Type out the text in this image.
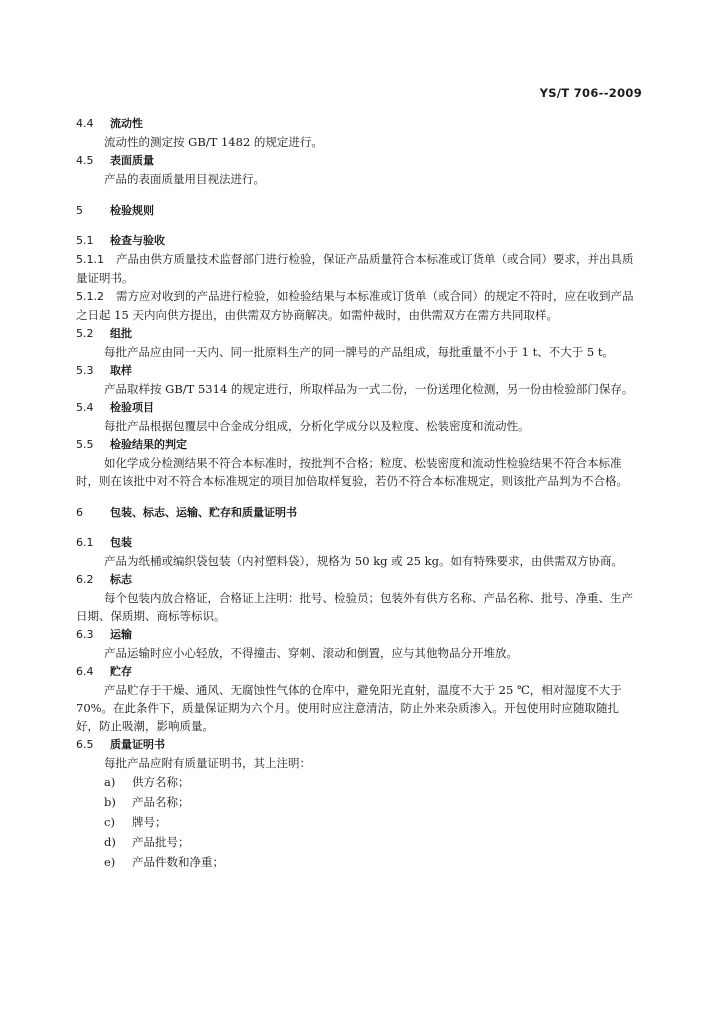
YS/T 706--2009
4.4 流动性
流动性的测定按 GB/T 1482 的规定进行。
4.5 表面质量
产品的表面质量用目视法进行。
5 检验规则
5.1 检查与验收
5.1.1 产品由供方质量技术监督部门进行检验，保证产品质量符合本标准或订货单（或合同）要求，并出具质量证明书。
5.1.2 需方应对收到的产品进行检验，如检验结果与本标准或订货单（或合同）的规定不符时，应在收到产品之日起 15 天内向供方提出，由供需双方协商解决。如需仲裁时，由供需双方在需方共同取样。
5.2 组批
每批产品应由同一天内、同一批原料生产的同一牌号的产品组成，每批重量不小于 1 t、不大于 5 t。
5.3 取样
产品取样按 GB/T 5314 的规定进行，所取样品为一式二份，一份送理化检测，另一份由检验部门保存。
5.4 检验项目
每批产品根据包覆层中合金成分组成，分析化学成分以及粒度、松装密度和流动性。
5.5 检验结果的判定
如化学成分检测结果不符合本标准时，按批判不合格；粒度、松装密度和流动性检验结果不符合本标准时，则在该批中对不符合本标准规定的项目加倍取样复验，若仍不符合本标准规定，则该批产品判为不合格。
6 包装、标志、运输、贮存和质量证明书
6.1 包装
产品为纸桶或编织袋包装（内衬塑料袋），规格为 50 kg 或 25 kg。如有特殊要求，由供需双方协商。
6.2 标志
每个包装内放合格证，合格证上注明：批号、检验员；包装外有供方名称、产品名称、批号、净重、生产日期、保质期、商标等标识。
6.3 运输
产品运输时应小心轻放，不得撞击、穿刺、滚动和倒置，应与其他物品分开堆放。
6.4 贮存
产品贮存于干燥、通风、无腐蚀性气体的仓库中，避免阳光直射，温度不大于 25 ℃，相对湿度不大于 70%。在此条件下，质量保证期为六个月。使用时应注意清洁，防止外来杂质渗入。开包使用时应随取随扎好，防止吸潮，影响质量。
6.5 质量证明书
每批产品应附有质量证明书，其上注明：
a) 供方名称；
b) 产品名称；
c) 牌号；
d) 产品批号；
e) 产品件数和净重；
